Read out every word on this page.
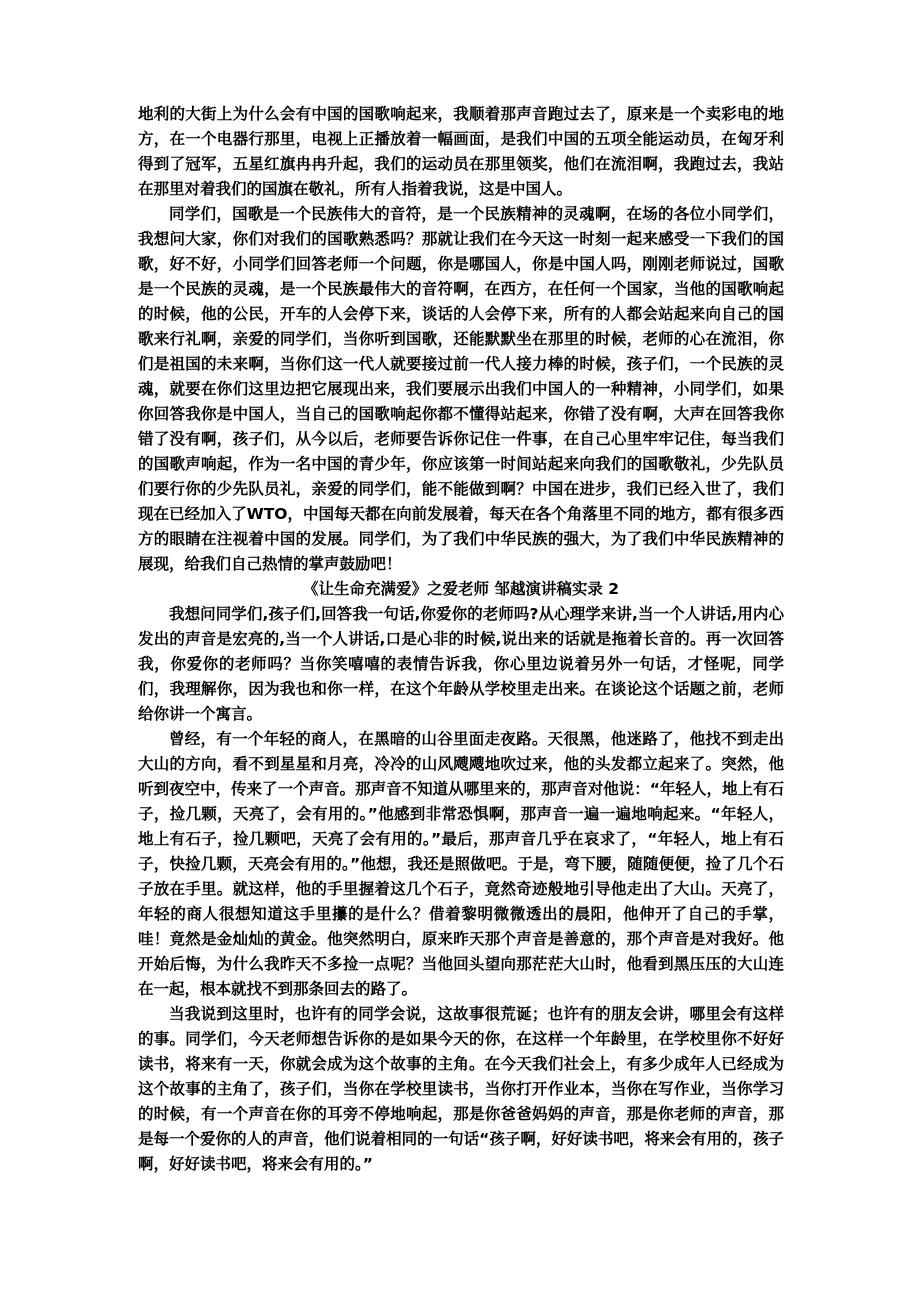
地利的大街上为什么会有中国的国歌响起来，我顺着那声音跑过去了，原来是一个卖彩电的地方，在一个电器行那里，电视上正播放着一幅画面，是我们中国的五项全能运动员，在匈牙利得到了冠军，五星红旗冉冉升起，我们的运动员在那里领奖，他们在流泪啊，我跑过去，我站在那里对着我们的国旗在敬礼，所有人指着我说，这是中国人。

同学们，国歌是一个民族伟大的音符，是一个民族精神的灵魂啊，在场的各位小同学们，我想问大家，你们对我们的国歌熟悉吗？那就让我们在今天这一时刻一起来感受一下我们的国歌，好不好，小同学们回答老师一个问题，你是哪国人，你是中国人吗，刚刚老师说过，国歌是一个民族的灵魂，是一个民族最伟大的音符啊，在西方，在任何一个国家，当他的国歌响起的时候，他的公民，开车的人会停下来，谈话的人会停下来，所有的人都会站起来向自己的国歌来行礼啊，亲爱的同学们，当你听到国歌，还能默默坐在那里的时候，老师的心在流泪，你们是祖国的未来啊，当你们这一代人就要接过前一代人接力棒的时候，孩子们，一个民族的灵魂，就要在你们这里边把它展现出来，我们要展示出我们中国人的一种精神，小同学们，如果你回答我你是中国人，当自己的国歌响起你都不懂得站起来，你错了没有啊，大声在回答我你错了没有啊，孩子们，从今以后，老师要告诉你记住一件事，在自己心里牢牢记住，每当我们的国歌声响起，作为一名中国的青少年，你应该第一时间站起来向我们的国歌敬礼，少先队员们要行你的少先队员礼，亲爱的同学们，能不能做到啊？中国在进步，我们已经入世了，我们现在已经加入了WTO，中国每天都在向前发展着，每天在各个角落里不同的地方，都有很多西方的眼睛在注视着中国的发展。同学们，为了我们中华民族的强大，为了我们中华民族精神的展现，给我们自己热情的掌声鼓励吧！

《让生命充满爱》之爱老师 邹越演讲稿实录 2

我想问同学们,孩子们,回答我一句话,你爱你的老师吗?从心理学来讲,当一个人讲话,用内心发出的声音是宏亮的,当一个人讲话,口是心非的时候,说出来的话就是拖着长音的。再一次回答我，你爱你的老师吗？当你笑嘻嘻的表情告诉我，你心里边说着另外一句话，才怪呢，同学们，我理解你，因为我也和你一样，在这个年龄从学校里走出来。在谈论这个话题之前，老师给你讲一个寓言。

曾经，有一个年轻的商人，在黑暗的山谷里面走夜路。天很黑，他迷路了，他找不到走出大山的方向，看不到星星和月亮，冷冷的山风飕飕地吹过来，他的头发都立起来了。突然，他听到夜空中，传来了一个声音。那声音不知道从哪里来的，那声音对他说：“年轻人，地上有石子，捡几颗，天亮了，会有用的。”他感到非常恐惧啊，那声音一遍一遍地响起来。“年轻人，地上有石子，捡几颗吧，天亮了会有用的。”最后，那声音几乎在哀求了，“年轻人，地上有石子，快捡几颗，天亮会有用的。”他想，我还是照做吧。于是，弯下腰，随随便便，捡了几个石子放在手里。就这样，他的手里握着这几个石子，竟然奇迹般地引导他走出了大山。天亮了，年轻的商人很想知道这手里攥的是什么？借着黎明微微透出的晨阳，他伸开了自己的手掌，哇！竟然是金灿灿的黄金。他突然明白，原来昨天那个声音是善意的，那个声音是对我好。他开始后悔，为什么我昨天不多捡一点呢？当他回头望向那茫茫大山时，他看到黑压压的大山连在一起，根本就找不到那条回去的路了。

当我说到这里时，也许有的同学会说，这故事很荒诞；也许有的朋友会讲，哪里会有这样的事。同学们，今天老师想告诉你的是如果今天的你，在这样一个年龄里，在学校里你不好好读书，将来有一天，你就会成为这个故事的主角。在今天我们社会上，有多少成年人已经成为这个故事的主角了，孩子们，当你在学校里读书，当你打开作业本，当你在写作业，当你学习的时候，有一个声音在你的耳旁不停地响起，那是你爸爸妈妈的声音，那是你老师的声音，那是每一个爱你的人的声音，他们说着相同的一句话“孩子啊，好好读书吧，将来会有用的，孩子啊，好好读书吧，将来会有用的。”
